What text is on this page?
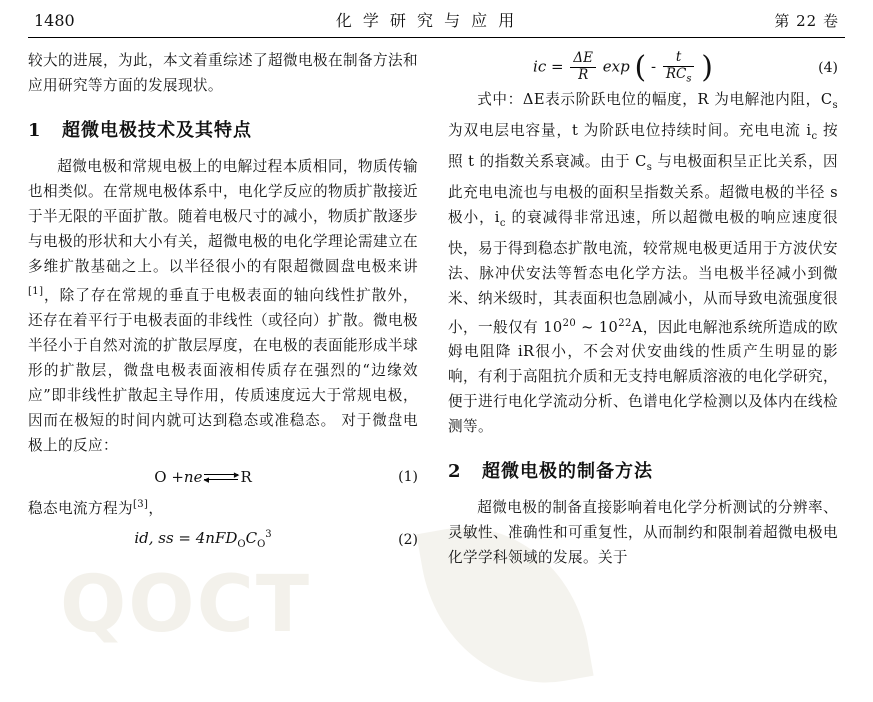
QOCT
1480	化 学 研 究 与 应 用	第 22 卷

较大的进展，为此，本文着重综述了超微电极在制备方法和应用研究等方面的发展现状。

1 超微电极技术及其特点

超微电极和常规电极上的电解过程本质相同，物质传输也相类似。在常规电极体系中，电化学反应的物质扩散接近于半无限的平面扩散。随着电极尺寸的减小，物质扩散逐步与电极的形状和大小有关，超微电极的电化学理论需建立在多维扩散基础之上。以半径很小的有限超微圆盘电极来讲[1]，除了存在常规的垂直于电极表面的轴向线性扩散外，还存在着平行于电极表面的非线性（或径向）扩散。微电极半径小于自然对流的扩散层厚度，在电极的表面能形成半球形的扩散层，微盘电极表面液相传质存在强烈的“边缘效应”即非线性扩散起主导作用，传质速度远大于常规电极，因而在极短的时间内就可达到稳态或准稳态。 对于微盘电极上的反应：

O +ne	▸
◂ R	(1)

稳态电流方程为[3]，

id, ss = $4nFD_OC_O^3$	(2)
ic = $\frac{\Delta E}{R}$ exp ( - $\frac{t}{RC_s}$ )	(4)

式中：ΔE表示阶跃电位的幅度，R 为电解池内阻，$C_s$ 为双电层电容量，t 为阶跃电位持续时间。充电电流 $i_c$ 按照 t 的指数关系衰减。由于 $C_s$ 与电极面积呈正比关系，因此充电电流也与电极的面积呈指数关系。超微电极的半径 s 极小，$i_c$ 的衰减得非常迅速，所以超微电极的响应速度很快，易于得到稳态扩散电流，较常规电极更适用于方波伏安法、脉冲伏安法等暂态电化学方法。当电极半径减小到微米、纳米级时，其表面积也急剧减小，从而导致电流强度很小，一般仅有 $10^{20}$ ~ $10^{22}A$，因此电解池系统所造成的欧姆电阻降 iR很小，不会对伏安曲线的性质产生明显的影响，有利于高阻抗介质和无支持电解质溶液的电化学研究，便于进行电化学流动分析、色谱电化学检测以及体内在线检测等。

2 超微电极的制备方法

超微电极的制备直接影响着电化学分析测试的分辨率、灵敏性、准确性和可重复性，从而制约和限制着超微电极电化学学科领域的发展。关于
